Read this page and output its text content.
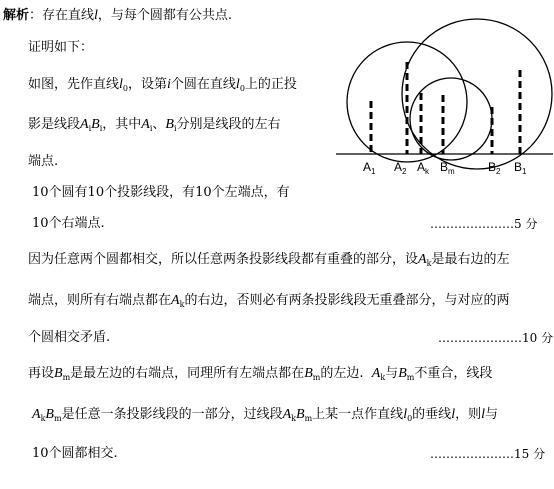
解析：存在直线l，与每个圆都有公共点.
证明如下：
如图，先作直线$l_0$，设第i个圆在直线$l_0$上的正投
影是线段$A_iB_i$，其中$A_i$、$B_i$分别是线段的左右
端点.
10个圆有10个投影线段，有10个左端点，有
10个右端点.	…………………5 分
因为任意两个圆都相交，所以任意两条投影线段都有重叠的部分，设$A_k$是最右边的左
端点，则所有右端点都在$A_k$的右边，否则必有两条投影线段无重叠部分，与对应的两
个圆相交矛盾.	…………………10 分
再设$B_m$是最左边的右端点，同理所有左端点都在$B_m$的左边. $A_k$与$B_m$不重合，线段
$A_kB_m$是任意一条投影线段的一部分，过线段$A_kB_m$上某一点作直线$l_0$的垂线l，则l与
10个圆都相交.	…………………15 分
$A_1$ $A_2$ $A_k$ $B_m$	$B_2$ $B_1$
